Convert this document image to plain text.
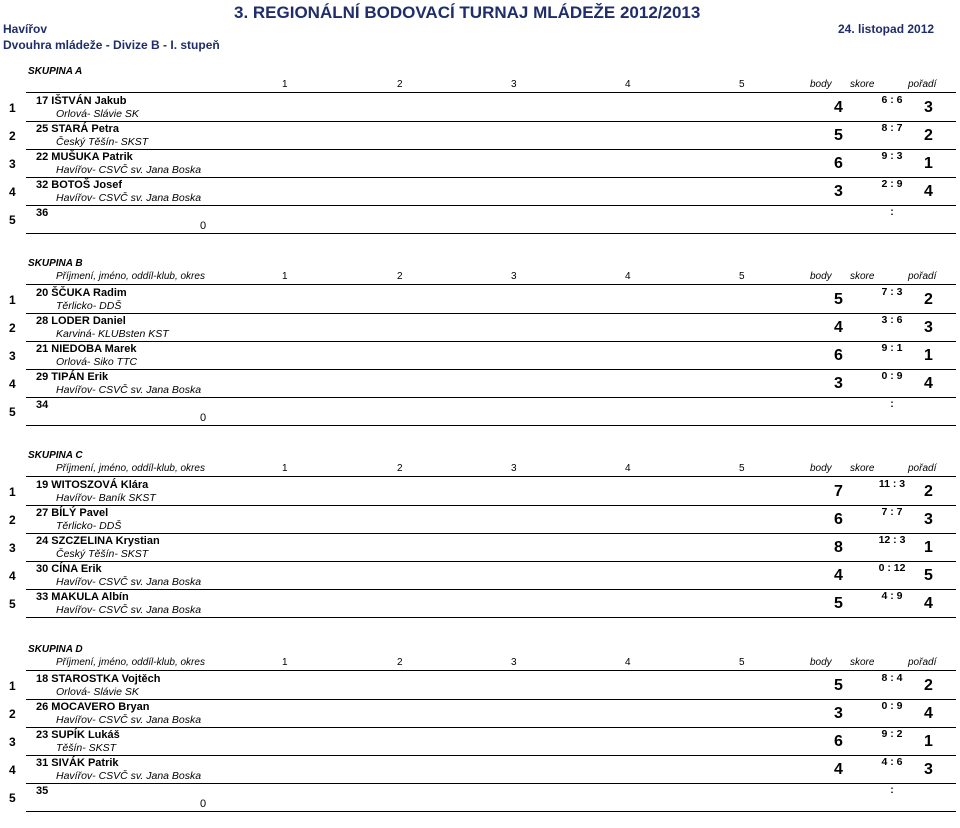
3. REGIONÁLNÍ BODOVACÍ TURNAJ MLÁDEŽE 2012/2013
Havířov
Dvouhra mládeže - Divize B - I. stupeň
24. listopad 2012
SKUPINA A
1	2	3	4	5	body skore	pořadí
1 17 IŠTVÁN Jakub
Orlová- Slávie SK	4	6 : 6	3
2 25 STARÁ Petra
Český Těšín- SKST	5	8 : 7	2
3 22 MUŠUKA Patrik
Havířov- CSVČ sv. Jana Boska	6	9 : 3	1
4 32 BOTOŠ Josef
Havířov- CSVČ sv. Jana Boska	3	2 : 9	4
5 36	:
0
SKUPINA B
Příjmení, jméno, oddíl-klub, okres	1	2	3	4	5	body skore	pořadí
1 20 ŠČUKA Radim
Těrlicko- DDŠ	5	7 : 3	2
2 28 LODER Daniel
Karviná- KLUBsten KST	4	3 : 6	3
3 21 NIEDOBA Marek
Orlová- Siko TTC	6	9 : 1	1
4 29 TIPÁN Erik
Havířov- CSVČ sv. Jana Boska	3	0 : 9	4
5 34	:
0
SKUPINA C
Příjmení, jméno, oddíl-klub, okres	1	2	3	4	5	body skore	pořadí
1 19 WITOSZOVÁ Klára
Havířov- Baník SKST	7	11 : 3	2
2 27 BÍLÝ Pavel
Těrlicko- DDŠ	6	7 : 7	3
3 24 SZCZELINA Krystian
Český Těšín- SKST	8	12 : 3	1
4 30 CÍNA Erik
Havířov- CSVČ sv. Jana Boska	4	0 : 12	5
5 33 MAKULA Albín
Havířov- CSVČ sv. Jana Boska	5	4 : 9	4
SKUPINA D
Příjmení, jméno, oddíl-klub, okres	1	2	3	4	5	body skore	pořadí
1 18 STAROSTKA Vojtěch
Orlová- Slávie SK	5	8 : 4	2
2 26 MOCAVERO Bryan
Havířov- CSVČ sv. Jana Boska	3	0 : 9	4
3 23 SUPÍK Lukáš
Těšín- SKST	6	9 : 2	1
4 31 SIVÁK Patrik
Havířov- CSVČ sv. Jana Boska	4	4 : 6	3
5 35	:
0
